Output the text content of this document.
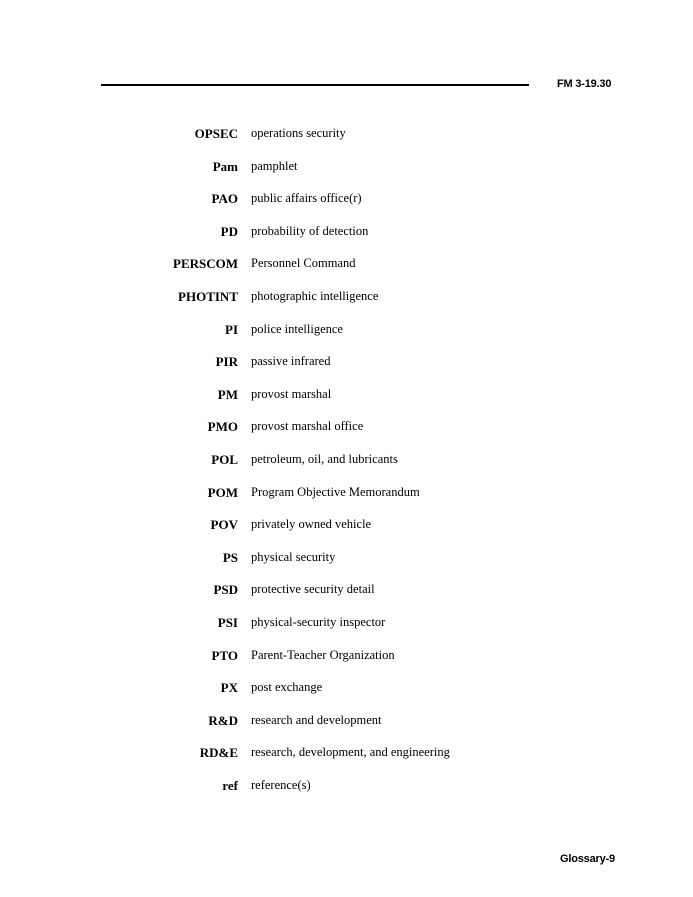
FM 3-19.30
OPSEC operations security
Pam pamphlet
PAO public affairs office(r)
PD probability of detection
PERSCOM Personnel Command
PHOTINT photographic intelligence
PI police intelligence
PIR passive infrared
PM provost marshal
PMO provost marshal office
POL petroleum, oil, and lubricants
POM Program Objective Memorandum
POV privately owned vehicle
PS physical security
PSD protective security detail
PSI physical-security inspector
PTO Parent-Teacher Organization
PX post exchange
R&D research and development
RD&E research, development, and engineering
ref reference(s)
Glossary-9
